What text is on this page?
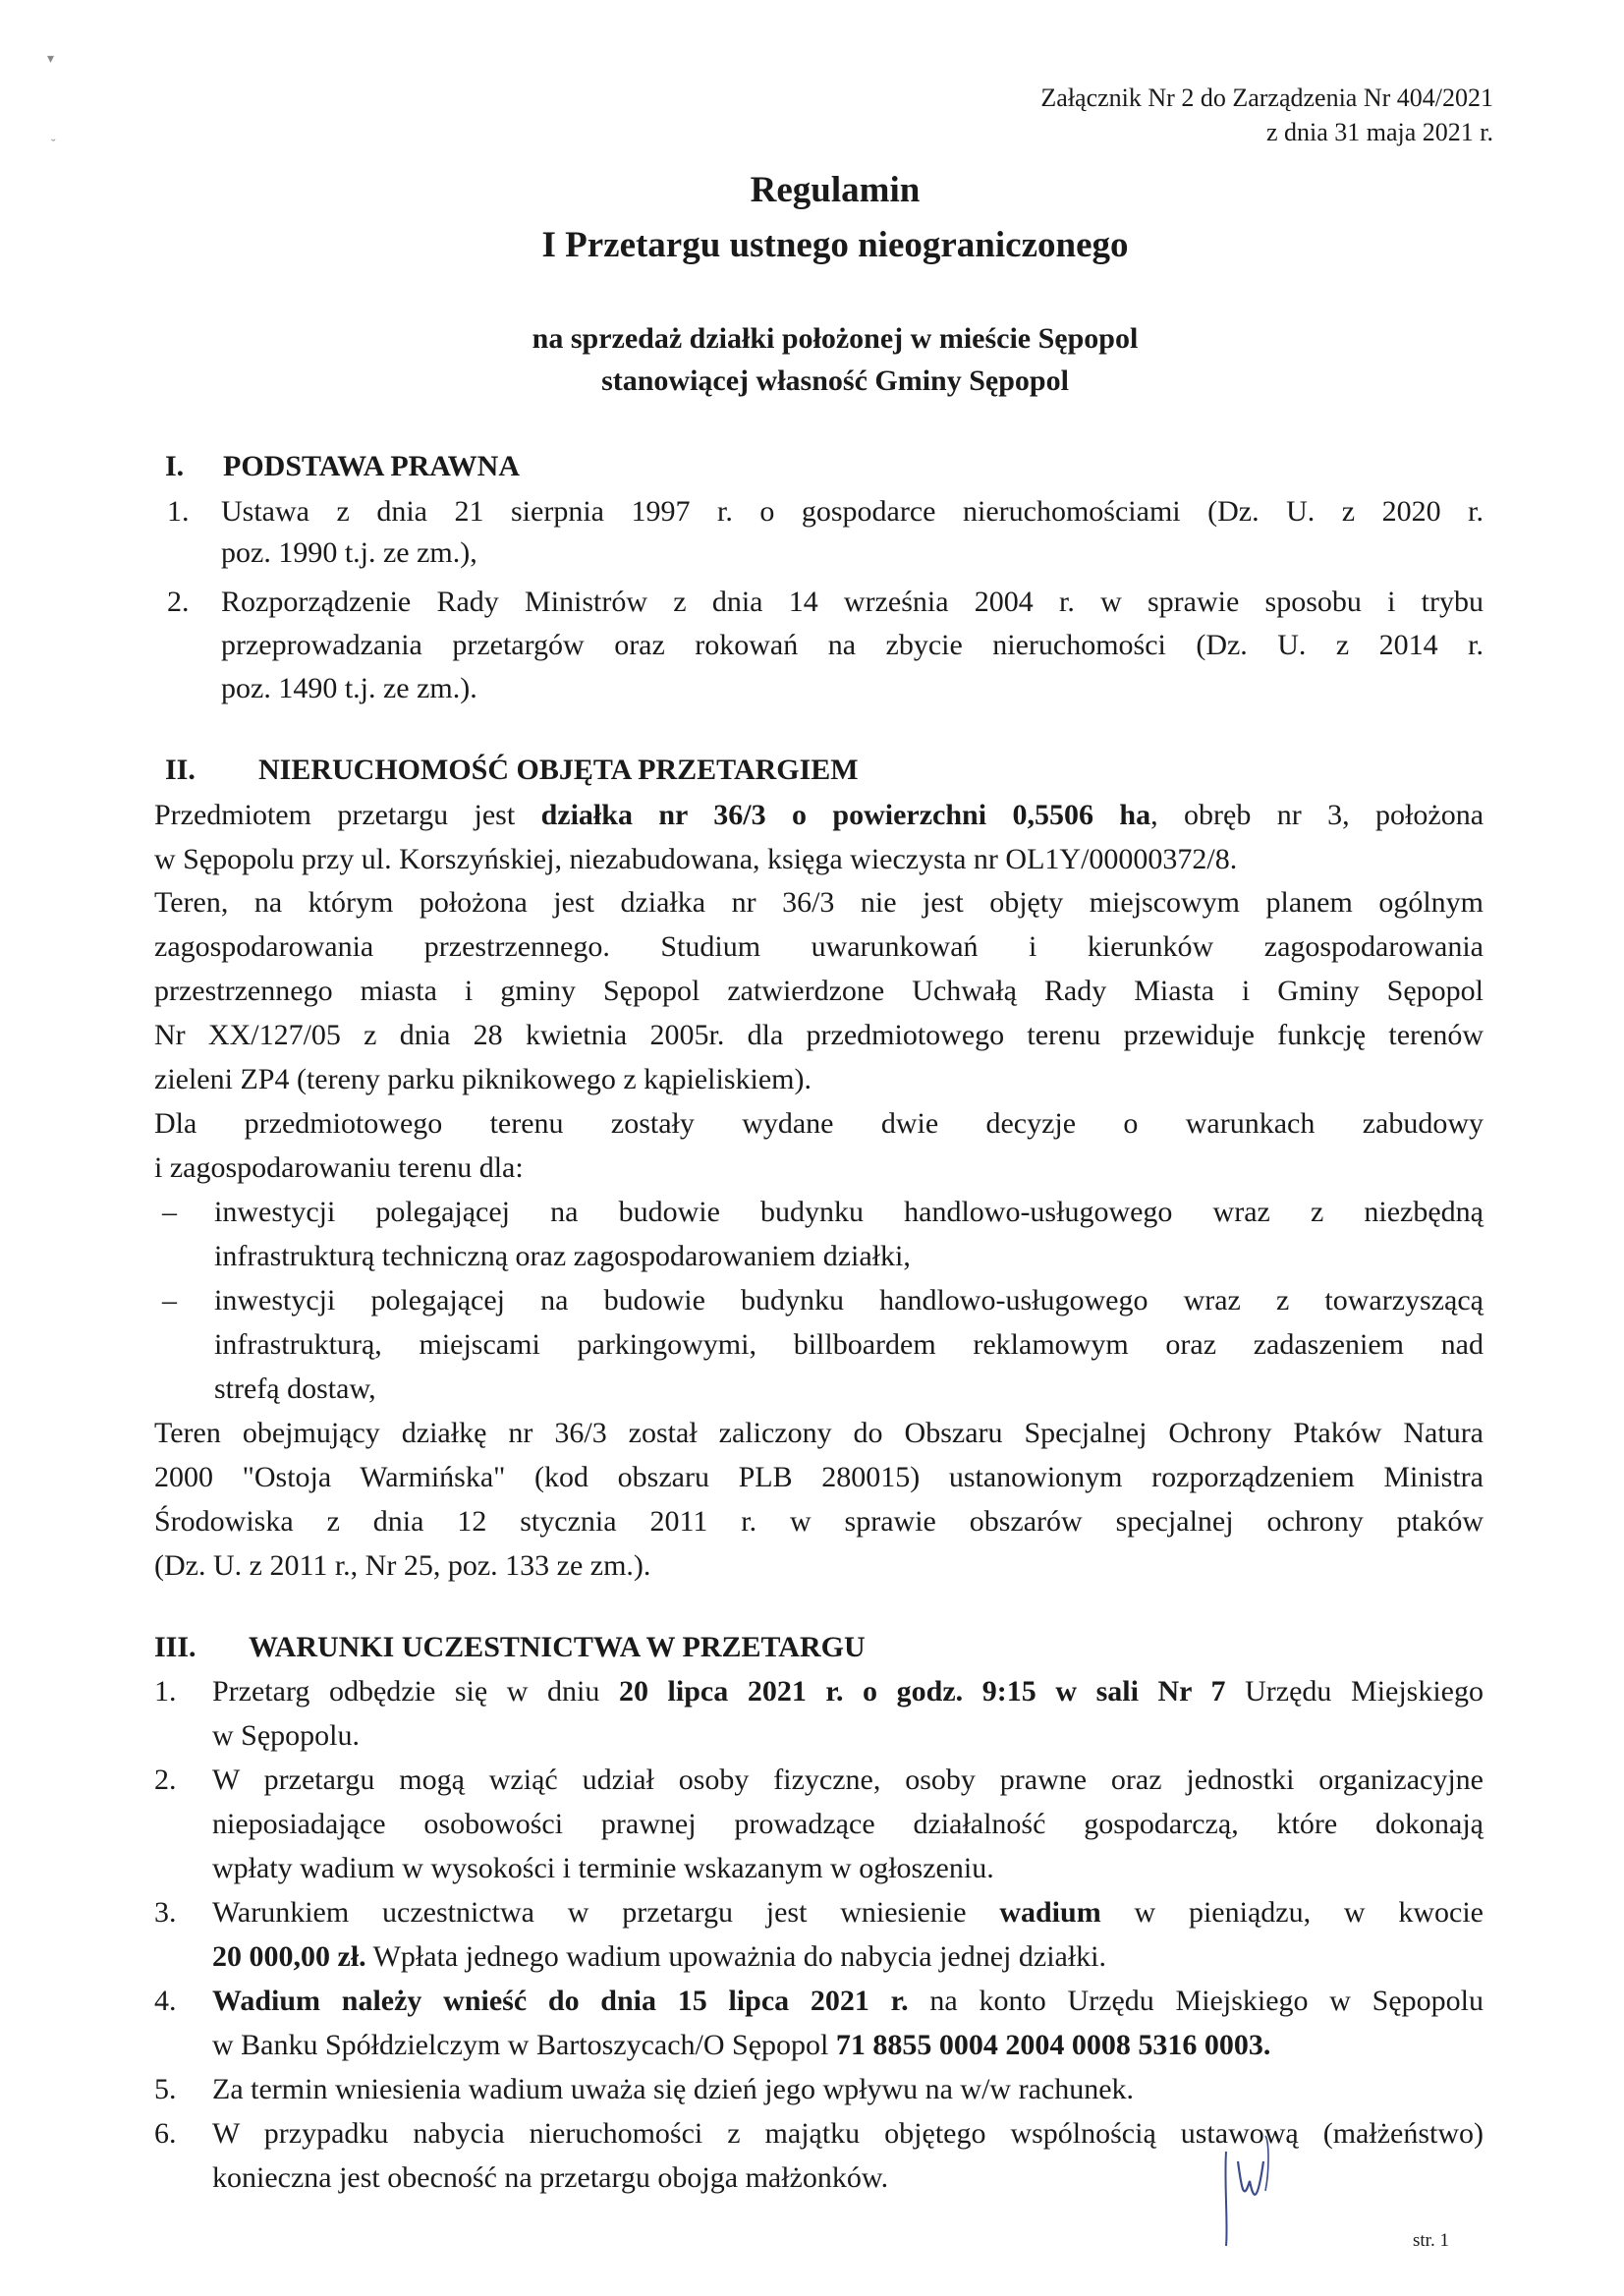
▾
˘
Załącznik Nr 2 do Zarządzenia Nr 404/2021
z dnia 31 maja 2021 r.
Regulamin
I Przetargu ustnego nieograniczonego
na sprzedaż działki położonej w mieście Sępopol
stanowiącej własność Gminy Sępopol
I. PODSTAWA PRAWNA
1. Ustawa z dnia 21 sierpnia 1997 r. o gospodarce nieruchomościami (Dz. U. z 2020 r.
poz. 1990 t.j. ze zm.),
2. Rozporządzenie Rady Ministrów z dnia 14 września 2004 r. w sprawie sposobu i trybu
przeprowadzania przetargów oraz rokowań na zbycie nieruchomości (Dz. U. z 2014 r.
poz. 1490 t.j. ze zm.).
II. NIERUCHOMOŚĆ OBJĘTA PRZETARGIEM
Przedmiotem przetargu jest działka nr 36/3 o powierzchni 0,5506 ha, obręb nr 3, położona
w Sępopolu przy ul. Korszyńskiej, niezabudowana, księga wieczysta nr OL1Y/00000372/8.
Teren, na którym położona jest działka nr 36/3 nie jest objęty miejscowym planem ogólnym
zagospodarowania przestrzennego. Studium uwarunkowań i kierunków zagospodarowania
przestrzennego miasta i gminy Sępopol zatwierdzone Uchwałą Rady Miasta i Gminy Sępopol
Nr XX/127/05 z dnia 28 kwietnia 2005r. dla przedmiotowego terenu przewiduje funkcję terenów
zieleni ZP4 (tereny parku piknikowego z kąpieliskiem).
Dla przedmiotowego terenu zostały wydane dwie decyzje o warunkach zabudowy
i zagospodarowaniu terenu dla:
– inwestycji polegającej na budowie budynku handlowo-usługowego wraz z niezbędną
infrastrukturą techniczną oraz zagospodarowaniem działki,
– inwestycji polegającej na budowie budynku handlowo-usługowego wraz z towarzyszącą
infrastrukturą, miejscami parkingowymi, billboardem reklamowym oraz zadaszeniem nad
strefą dostaw,
Teren obejmujący działkę nr 36/3 został zaliczony do Obszaru Specjalnej Ochrony Ptaków Natura
2000 "Ostoja Warmińska" (kod obszaru PLB 280015) ustanowionym rozporządzeniem Ministra
Środowiska z dnia 12 stycznia 2011 r. w sprawie obszarów specjalnej ochrony ptaków
(Dz. U. z 2011 r., Nr 25, poz. 133 ze zm.).
III. WARUNKI UCZESTNICTWA W PRZETARGU
1. Przetarg odbędzie się w dniu 20 lipca 2021 r. o godz. 9:15 w sali Nr 7 Urzędu Miejskiego
w Sępopolu.
2. W przetargu mogą wziąć udział osoby fizyczne, osoby prawne oraz jednostki organizacyjne
nieposiadające osobowości prawnej prowadzące działalność gospodarczą, które dokonają
wpłaty wadium w wysokości i terminie wskazanym w ogłoszeniu.
3. Warunkiem uczestnictwa w przetargu jest wniesienie wadium w pieniądzu, w kwocie
20 000,00 zł. Wpłata jednego wadium upoważnia do nabycia jednej działki.
4. Wadium należy wnieść do dnia 15 lipca 2021 r. na konto Urzędu Miejskiego w Sępopolu
w Banku Spółdzielczym w Bartoszycach/O Sępopol 71 8855 0004 2004 0008 5316 0003.
5. Za termin wniesienia wadium uważa się dzień jego wpływu na w/w rachunek.
6. W przypadku nabycia nieruchomości z majątku objętego wspólnością ustawową (małżeństwo)
konieczna jest obecność na przetargu obojga małżonków.
str. 1
